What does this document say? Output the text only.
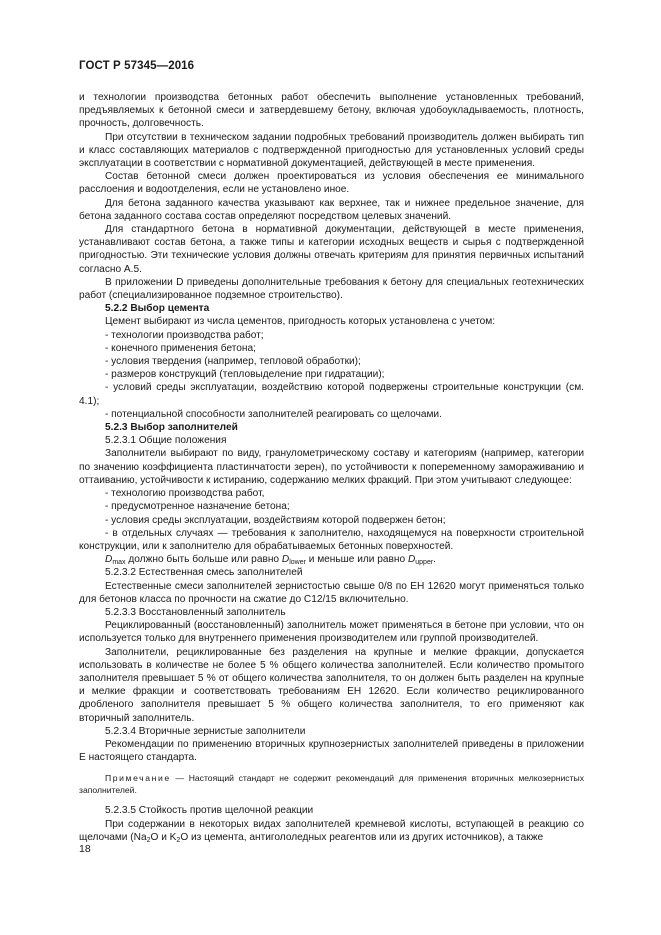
ГОСТ Р 57345—2016

и технологии производства бетонных работ обеспечить выполнение установленных требований, предъявляемых к бетонной смеси и затвердевшему бетону, включая удобоукладываемость, плотность, прочность, долговечность.

При отсутствии в техническом задании подробных требований производитель должен выбирать тип и класс составляющих материалов с подтвержденной пригодностью для установленных условий среды эксплуатации в соответствии с нормативной документацией, действующей в месте применения.

Состав бетонной смеси должен проектироваться из условия обеспечения ее минимального расслоения и водоотделения, если не установлено иное.

Для бетона заданного качества указывают как верхнее, так и нижнее предельное значение, для бетона заданного состава состав определяют посредством целевых значений.

Для стандартного бетона в нормативной документации, действующей в месте применения, устанавливают состав бетона, а также типы и категории исходных веществ и сырья с подтвержденной пригодностью. Эти технические условия должны отвечать критериям для принятия первичных испытаний согласно А.5.

В приложении D приведены дополнительные требования к бетону для специальных геотехнических работ (специализированное подземное строительство).

5.2.2 Выбор цемента

Цемент выбирают из числа цементов, пригодность которых установлена с учетом:

- технологии производства работ;

- конечного применения бетона;

- условия твердения (например, тепловой обработки);

- размеров конструкций (тепловыделение при гидратации);

- условий среды эксплуатации, воздействию которой подвержены строительные конструкции (см. 4.1);

- потенциальной способности заполнителей реагировать со щелочами.

5.2.3 Выбор заполнителей

5.2.3.1 Общие положения

Заполнители выбирают по виду, гранулометрическому составу и категориям (например, категории по значению коэффициента пластинчатости зерен), по устойчивости к попеременному замораживанию и оттаиванию, устойчивости к истиранию, содержанию мелких фракций. При этом учитывают следующее:

- технологию производства работ,

- предусмотренное назначение бетона;

- условия среды эксплуатации, воздействиям которой подвержен бетон;

- в отдельных случаях — требования к заполнителю, находящемуся на поверхности строительной конструкции, или к заполнителю для обрабатываемых бетонных поверхностей.

$D_{max}$ должно быть больше или равно $D_{lower}$ и меньше или равно $D_{upper}$.

5.2.3.2 Естественная смесь заполнителей

Естественные смеси заполнителей зернистостью свыше 0/8 по ЕН 12620 могут применяться только для бетонов класса по прочности на сжатие до С12/15 включительно.

5.2.3.3 Восстановленный заполнитель

Рециклированный (восстановленный) заполнитель может применяться в бетоне при условии, что он используется только для внутреннего применения производителем или группой производителей.

Заполнители, рециклированные без разделения на крупные и мелкие фракции, допускается использовать в количестве не более 5 % общего количества заполнителей. Если количество промытого заполнителя превышает 5 % от общего количества заполнителя, то он должен быть разделен на крупные и мелкие фракции и соответствовать требованиям ЕН 12620. Если количество рециклированного дробленого заполнителя превышает 5 % общего количества заполнителя, то его применяют как вторичный заполнитель.

5.2.3.4 Вторичные зернистые заполнители

Рекомендации по применению вторичных крупнозернистых заполнителей приведены в приложении Е настоящего стандарта.

Примечание — Настоящий стандарт не содержит рекомендаций для применения вторичных мелкозернистых заполнителей.

5.2.3.5 Стойкость против щелочной реакции

При содержании в некоторых видах заполнителей кремневой кислоты, вступающей в реакцию со щелочами ($Na_2O$ и $K_2O$ из цемента, антигололедных реагентов или из других источников), а также

18
